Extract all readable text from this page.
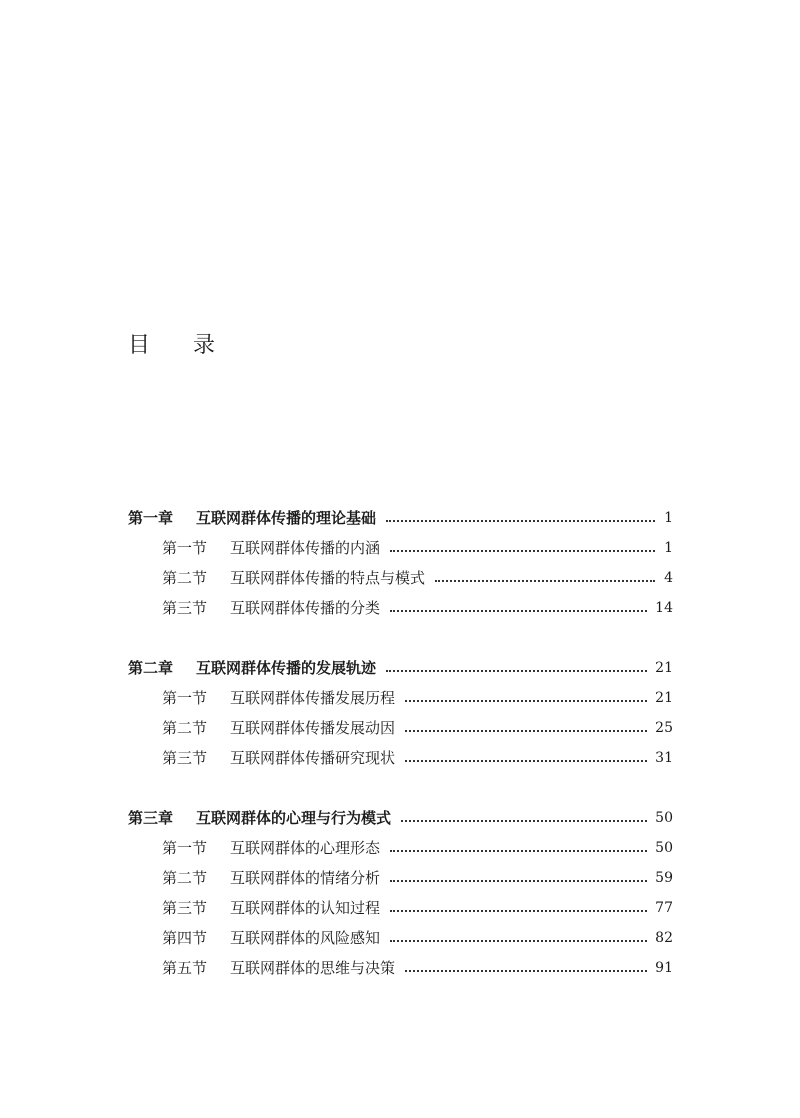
目 录
第一章	互联网群体传播的理论基础	1
第一节	互联网群体传播的内涵	1
第二节	互联网群体传播的特点与模式	4
第三节	互联网群体传播的分类	14
第二章	互联网群体传播的发展轨迹	21
第一节	互联网群体传播发展历程	21
第二节	互联网群体传播发展动因	25
第三节	互联网群体传播研究现状	31
第三章	互联网群体的心理与行为模式	50
第一节	互联网群体的心理形态	50
第二节	互联网群体的情绪分析	59
第三节	互联网群体的认知过程	77
第四节	互联网群体的风险感知	82
第五节	互联网群体的思维与决策	91
